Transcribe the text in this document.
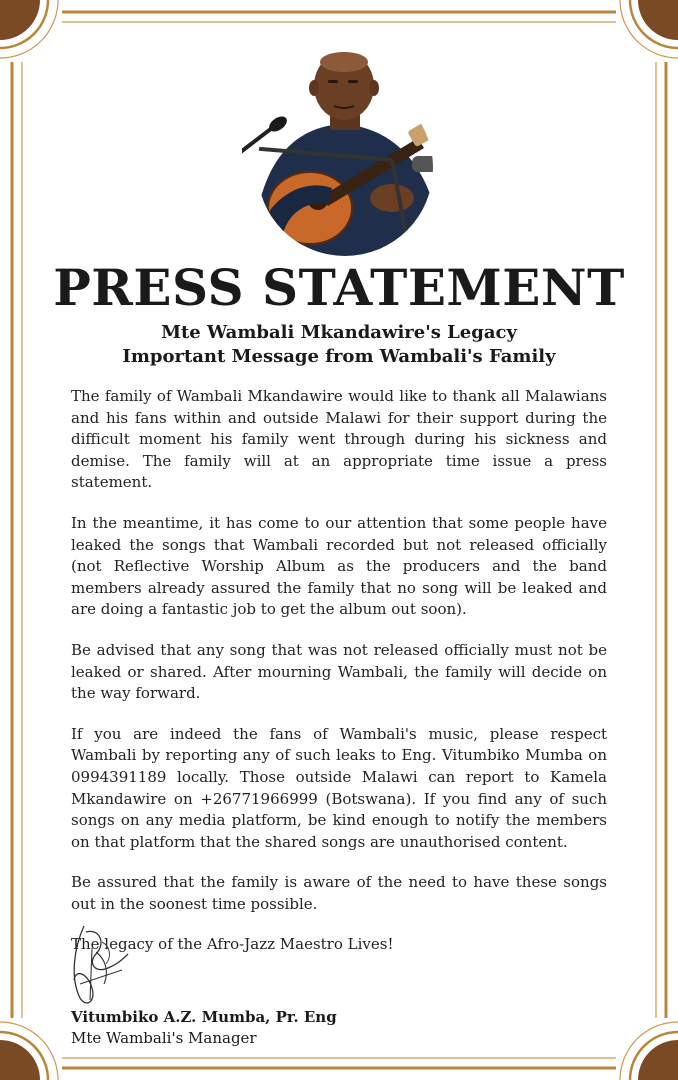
PRESS STATEMENT
Mte Wambali Mkandawire's Legacy
Important Message from Wambali's Family

The family of Wambali Mkandawire would like to thank all Malawians and his fans within and outside Malawi for their support during the difficult moment his family went through during his sickness and demise. The family will at an appropriate time issue a press statement.

In the meantime, it has come to our attention that some people have leaked the songs that Wambali recorded but not released officially (not Reflective Worship Album as the producers and the band members already assured the family that no song will be leaked and are doing a fantastic job to get the album out soon).

Be advised that any song that was not released officially must not be leaked or shared. After mourning Wambali, the family will decide on the way forward.

If you are indeed the fans of Wambali's music, please respect Wambali by reporting any of such leaks to Eng. Vitumbiko Mumba on 0994391189 locally. Those outside Malawi can report to Kamela Mkandawire on +26771966999 (Botswana). If you find any of such songs on any media platform, be kind enough to notify the members on that platform that the shared songs are unauthorised content.

Be assured that the family is aware of the need to have these songs out in the soonest time possible.

The legacy of the Afro-Jazz Maestro Lives!

Vitumbiko A.Z. Mumba, Pr. Eng
Mte Wambali's Manager
